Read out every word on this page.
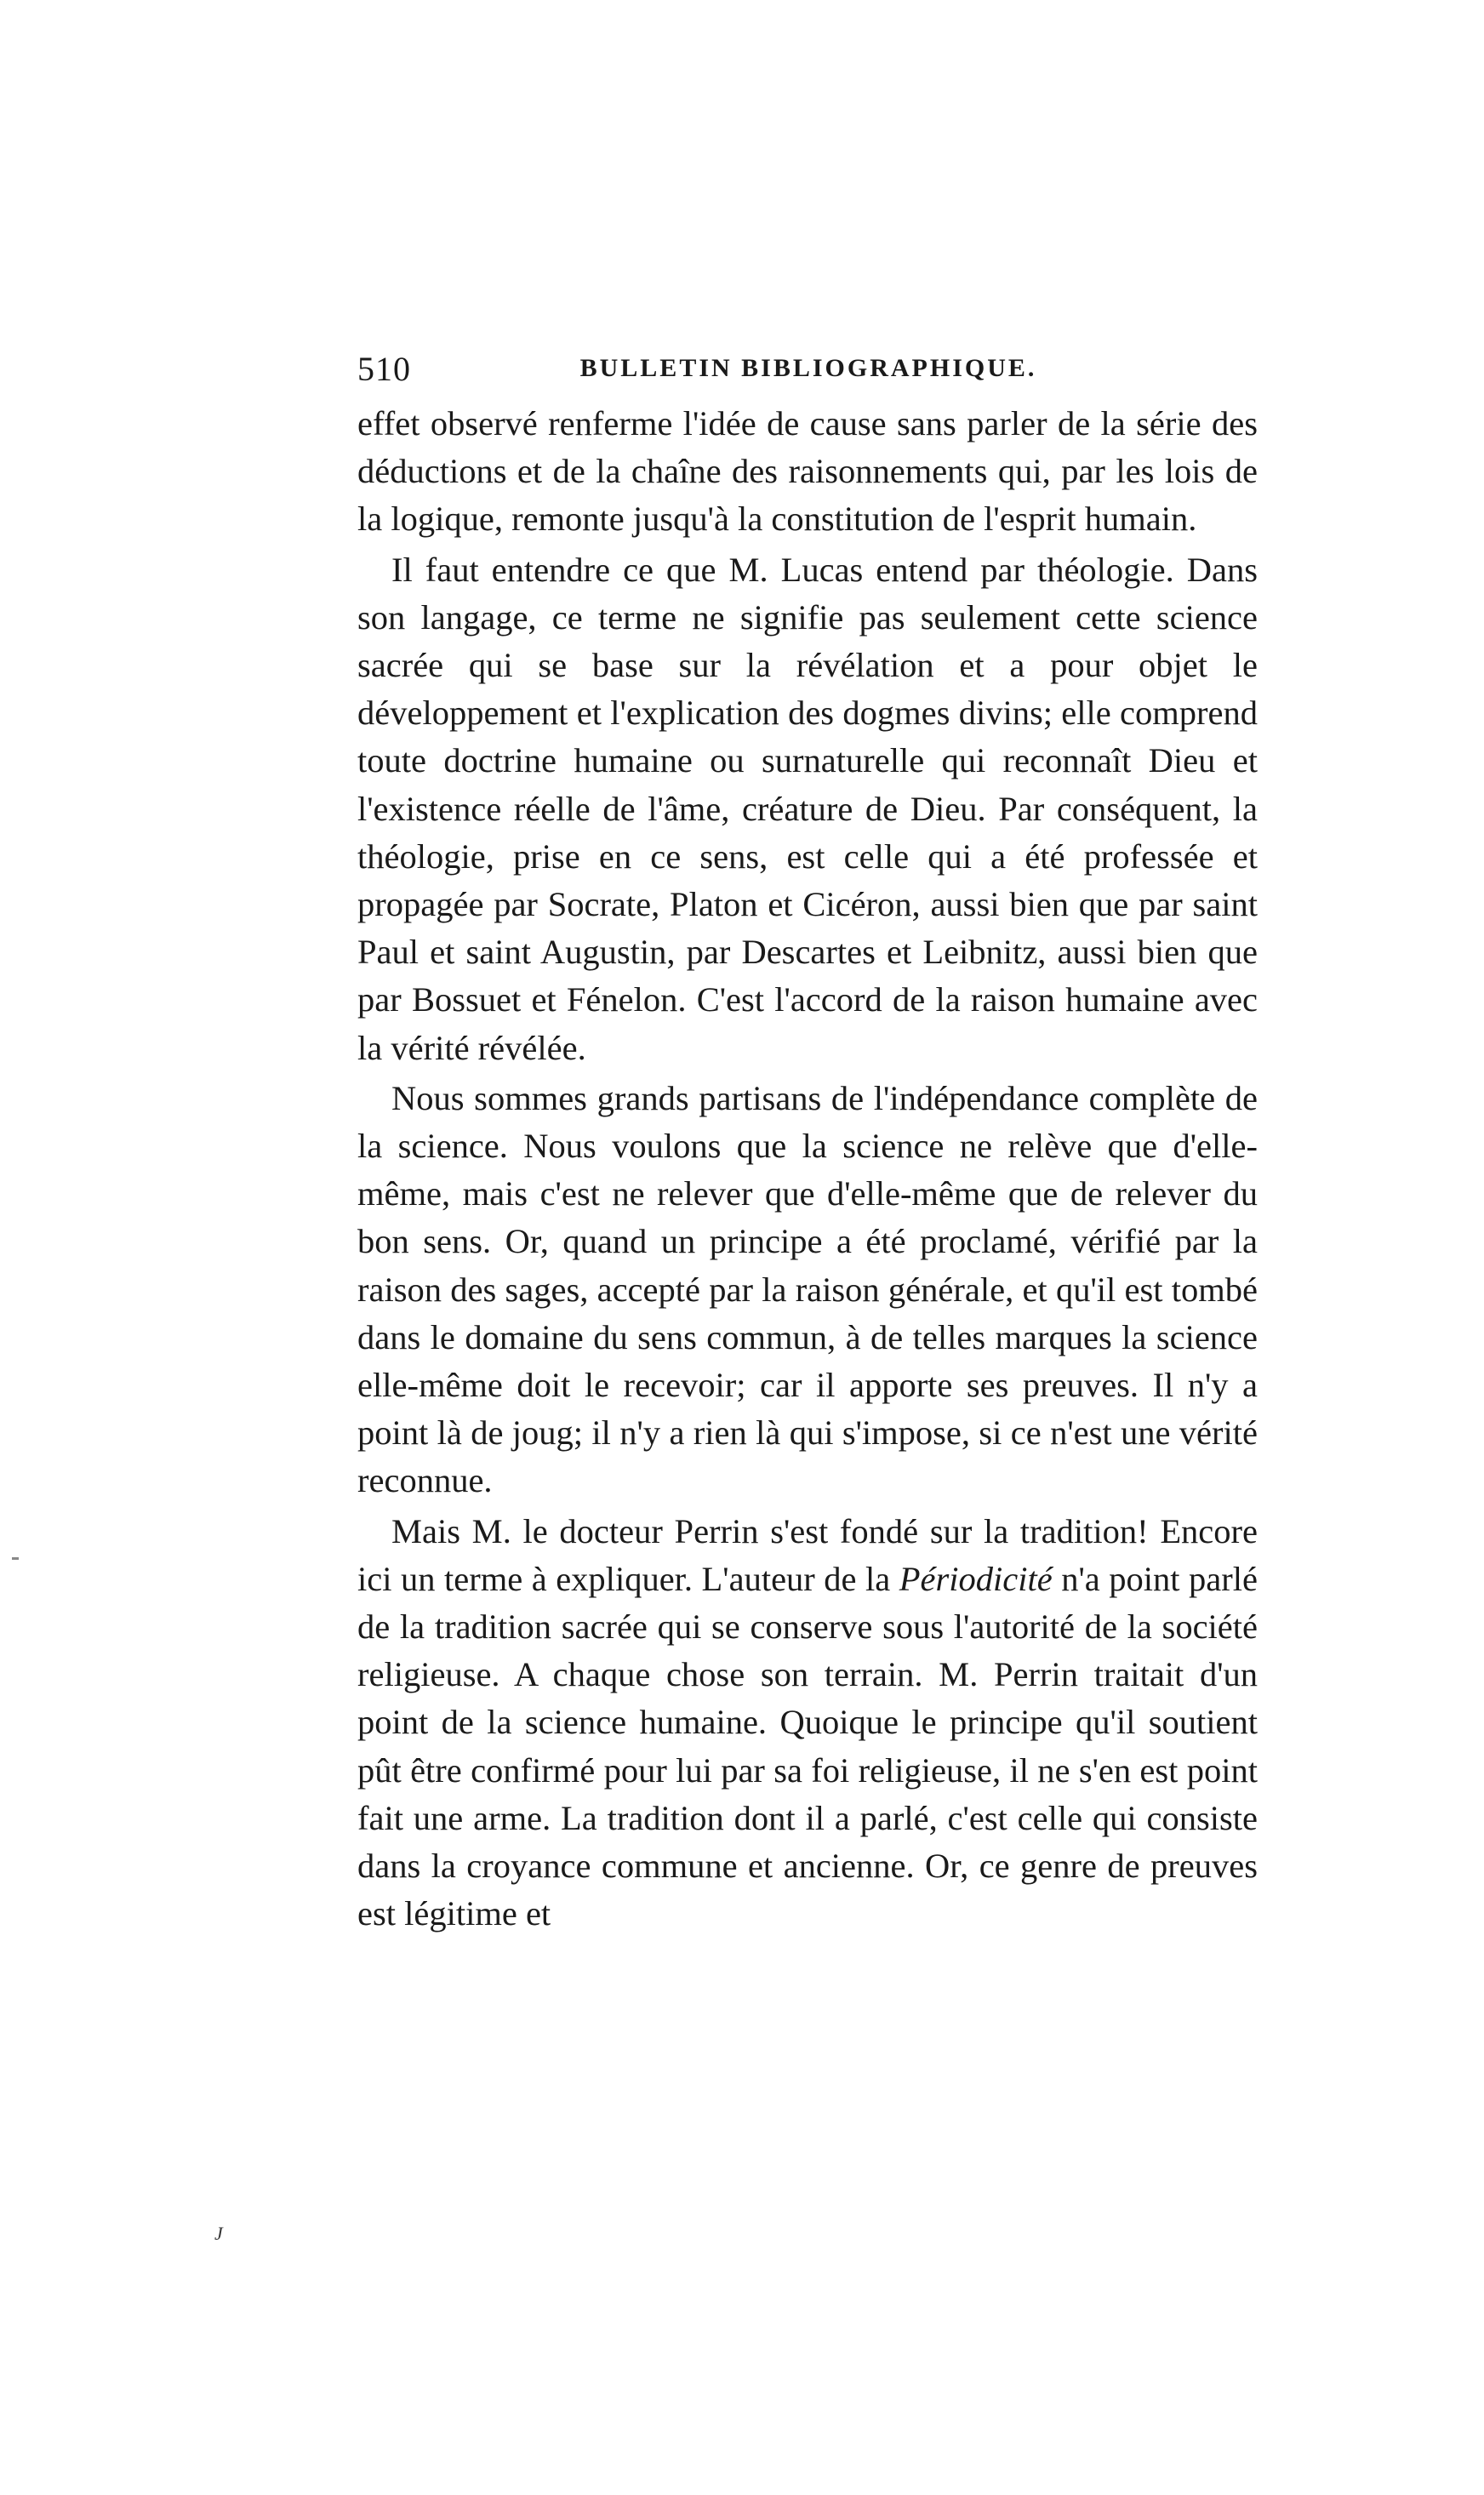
510	BULLETIN BIBLIOGRAPHIQUE.

effet observé renferme l'idée de cause sans parler de la série des déductions et de la chaîne des raisonnements qui, par les lois de la logique, remonte jusqu'à la constitution de l'esprit humain.

Il faut entendre ce que M. Lucas entend par théologie. Dans son langage, ce terme ne signifie pas seulement cette science sacrée qui se base sur la révélation et a pour objet le développement et l'explication des dogmes divins; elle comprend toute doctrine humaine ou surnaturelle qui reconnaît Dieu et l'existence réelle de l'âme, créature de Dieu. Par conséquent, la théologie, prise en ce sens, est celle qui a été professée et propagée par Socrate, Platon et Cicéron, aussi bien que par saint Paul et saint Augustin, par Descartes et Leibnitz, aussi bien que par Bossuet et Fénelon. C'est l'accord de la raison humaine avec la vérité révélée.

Nous sommes grands partisans de l'indépendance complète de la science. Nous voulons que la science ne relève que d'elle-même, mais c'est ne relever que d'elle-même que de relever du bon sens. Or, quand un principe a été proclamé, vérifié par la raison des sages, accepté par la raison générale, et qu'il est tombé dans le domaine du sens commun, à de telles marques la science elle-même doit le recevoir; car il apporte ses preuves. Il n'y a point là de joug; il n'y a rien là qui s'impose, si ce n'est une vérité reconnue.

Mais M. le docteur Perrin s'est fondé sur la tradition! Encore ici un terme à expliquer. L'auteur de la Périodicité n'a point parlé de la tradition sacrée qui se conserve sous l'autorité de la société religieuse. A chaque chose son terrain. M. Perrin traitait d'un point de la science humaine. Quoique le principe qu'il soutient pût être confirmé pour lui par sa foi religieuse, il ne s'en est point fait une arme. La tradition dont il a parlé, c'est celle qui consiste dans la croyance commune et ancienne. Or, ce genre de preuves est légitime et

J
